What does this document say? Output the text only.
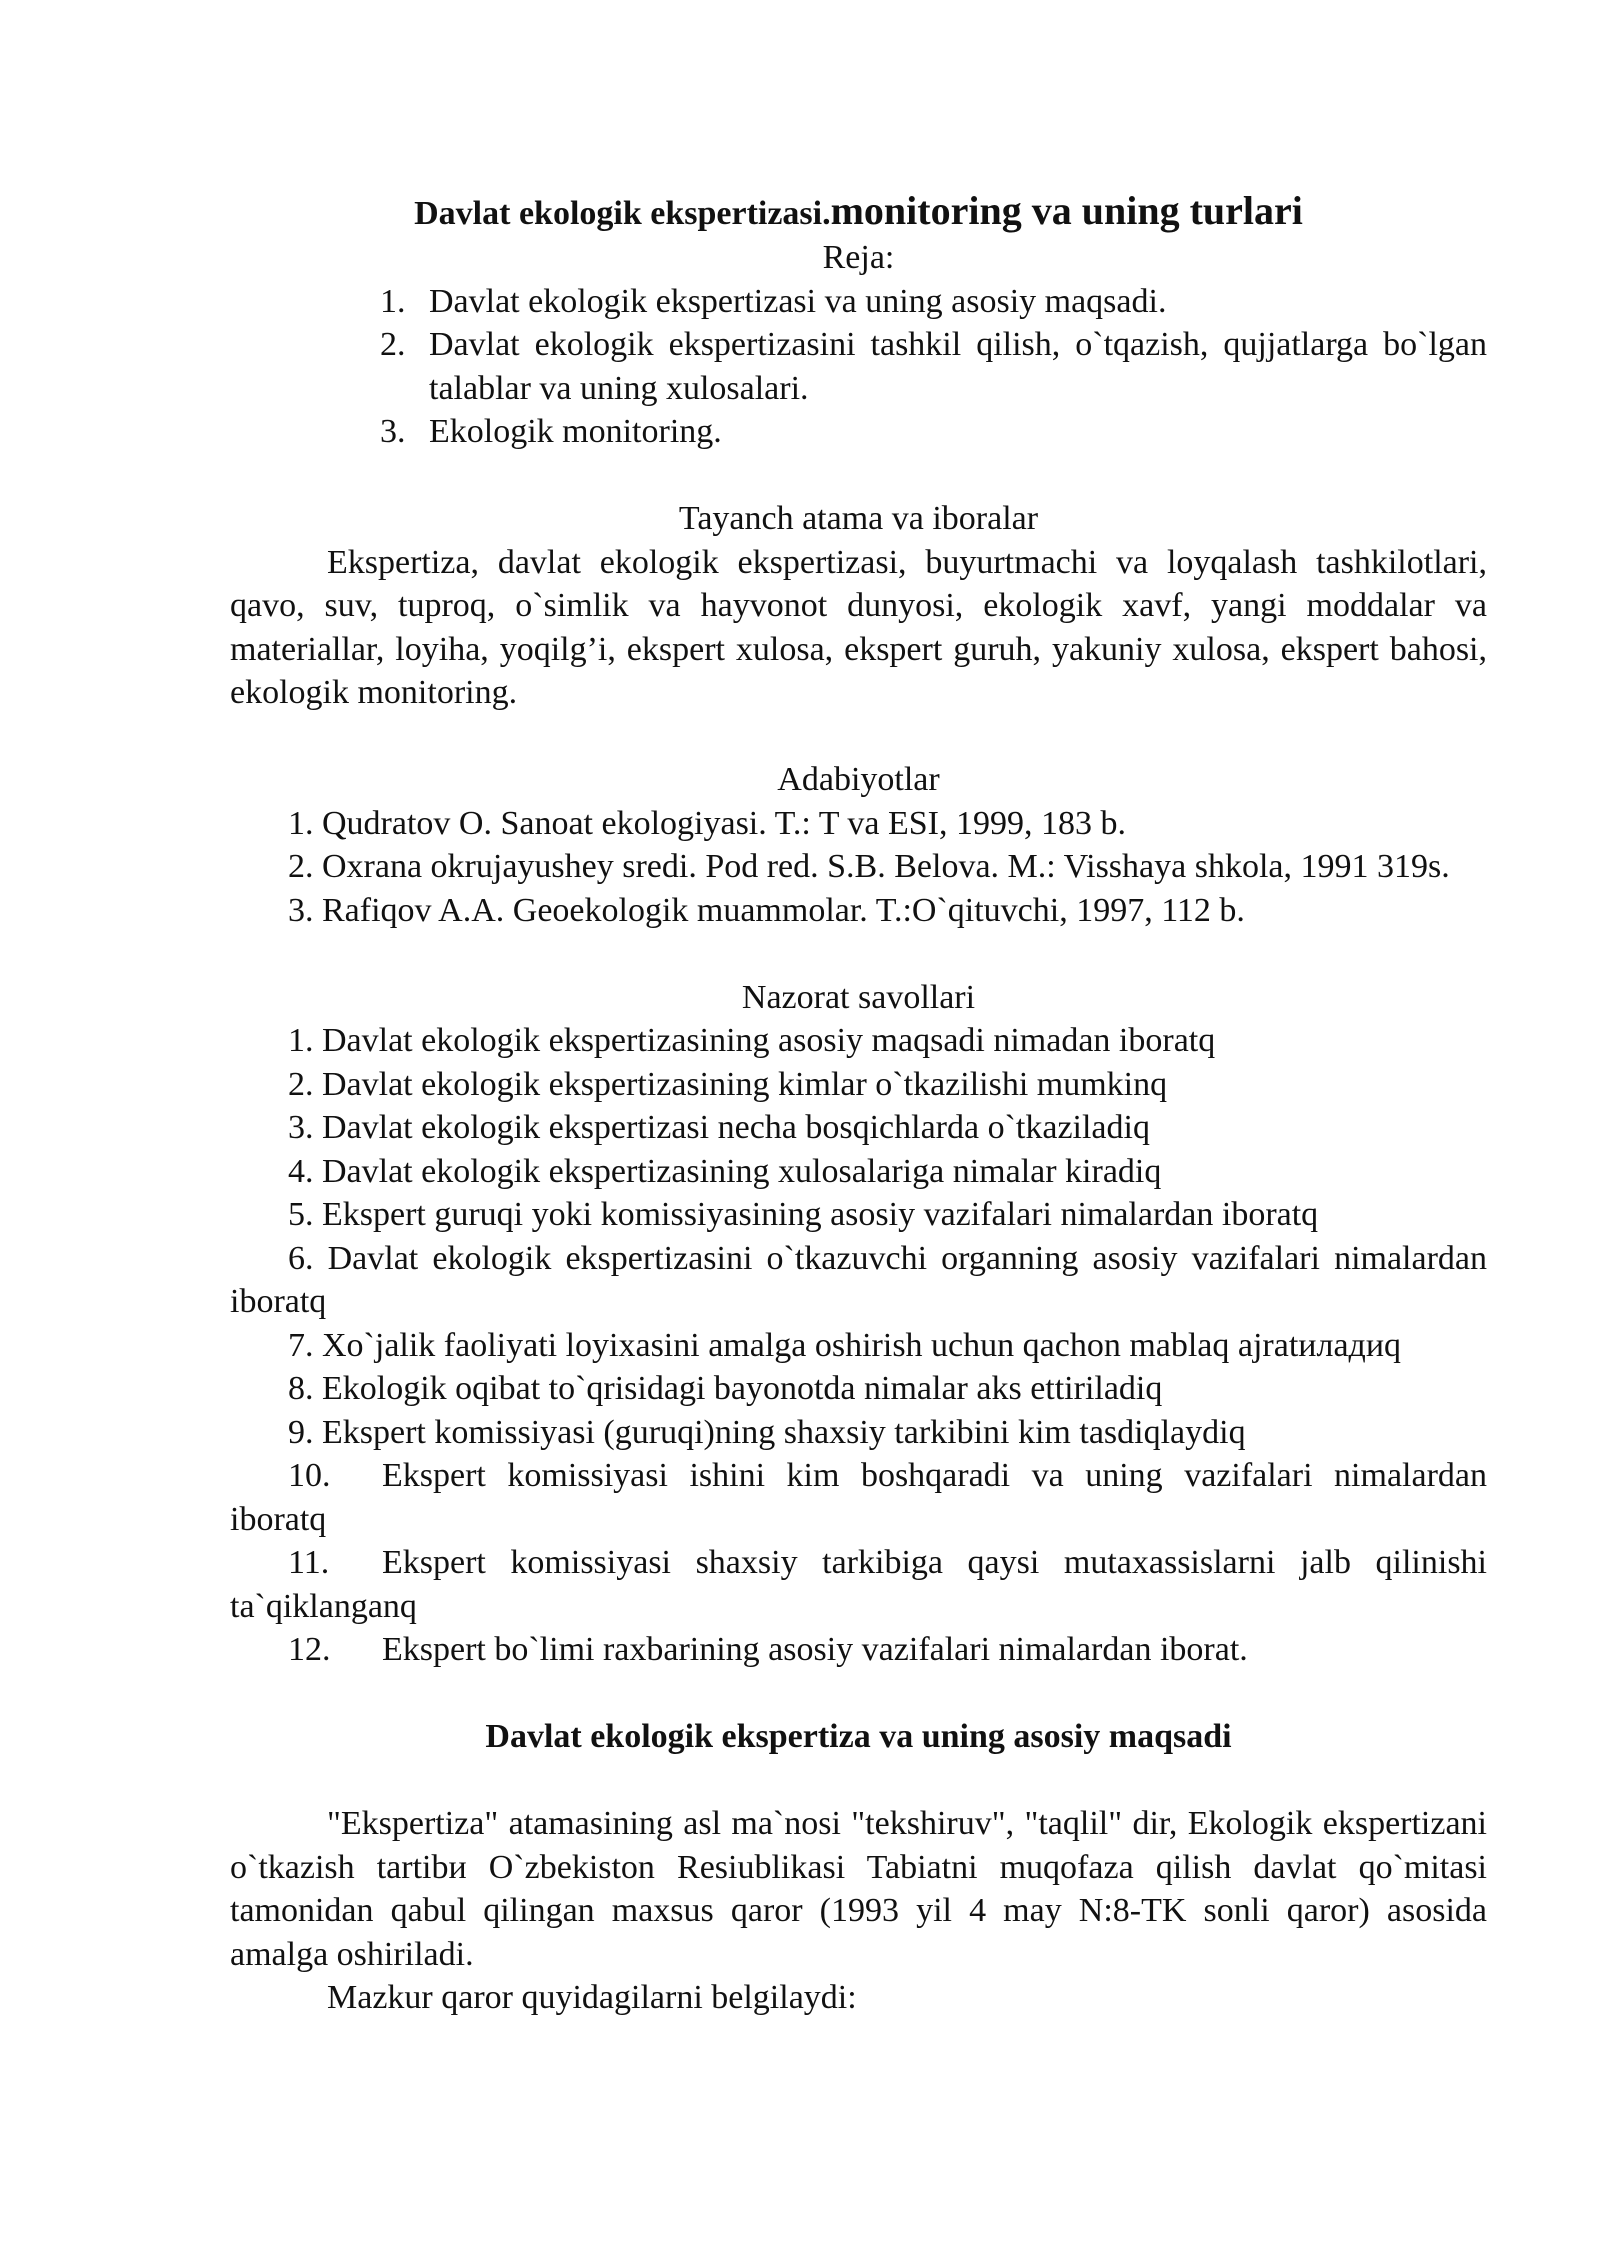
Davlat ekologik ekspertizasi.monitoring va uning turlari

Reja:

1. Davlat ekologik ekspertizasi va uning asosiy maqsadi.
2. Davlat ekologik ekspertizasini tashkil qilish, o`tqazish, qujjatlarga bo`lgan talablar va uning xulosalari.
3. Ekologik monitoring.

Tayanch atama va iboralar

Ekspertiza, davlat ekologik ekspertizasi, buyurtmachi va loyqalash tashkilotlari, qavo, suv, tuproq, o`simlik va hayvonot dunyosi, ekologik xavf, yangi moddalar va materiallar, loyiha, yoqilg’i, ekspert xulosa, ekspert guruh, yakuniy xulosa, ekspert bahosi, ekologik monitoring.

Adabiyotlar

1. Qudratov O. Sanoat ekologiyasi. T.: T va ESI, 1999, 183 b.

2. Oxrana okrujayushey sredi. Pod red. S.B. Belova. M.: Visshaya shkola, 1991 319s.

3. Rafiqov A.A. Geoekologik muammolar. T.:O`qituvchi, 1997, 112 b.

Nazorat savollari

1. Davlat ekologik ekspertizasining asosiy maqsadi nimadan iboratq

2. Davlat ekologik ekspertizasining kimlar o`tkazilishi mumkinq

3. Davlat ekologik ekspertizasi necha bosqichlarda o`tkaziladiq

4. Davlat ekologik ekspertizasining xulosalariga nimalar kiradiq

5. Ekspert guruqi yoki komissiyasining asosiy vazifalari nimalardan iboratq

6. Davlat ekologik ekspertizasini o`tkazuvchi organning asosiy vazifalari nimalardan iboratq

7. Xo`jalik faoliyati loyixasini amalga oshirish uchun qachon mablaq ajratиладиq

8. Ekologik oqibat to`qrisidagi bayonotda nimalar aks ettiriladiq

9. Ekspert komissiyasi (guruqi)ning shaxsiy tarkibini kim tasdiqlaydiq

10. Ekspert komissiyasi ishini kim boshqaradi va uning vazifalari nimalardan iboratq

11. Ekspert komissiyasi shaxsiy tarkibiga qaysi mutaxassislarni jalb qilinishi ta`qiklanganq

12. Ekspert bo`limi raxbarining asosiy vazifalari nimalardan iborat.

Davlat ekologik ekspertiza va uning asosiy maqsadi

"Ekspertiza" atamasining asl ma`nosi "tekshiruv", "taqlil" dir, Ekologik ekspertizani o`tkazish tartibи O`zbekiston Resiublikasi Tabiatni muqofaza qilish davlat qo`mitasi tamonidan qabul qilingan maxsus qaror (1993 yil 4 may N:8-TK sonli qaror) asosida amalga oshiriladi.

Mazkur qaror quyidagilarni belgilaydi:
